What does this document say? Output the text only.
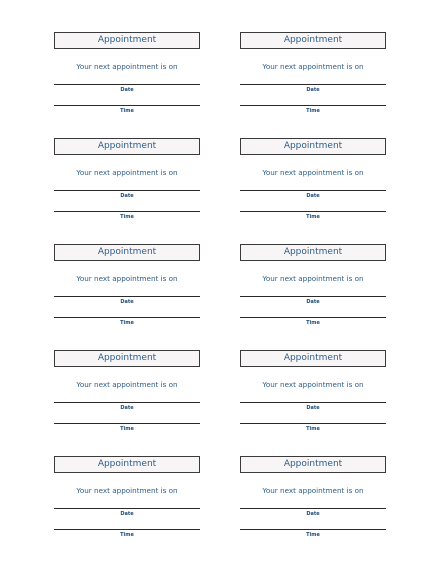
Appointment
Your next appointment is on
Date
Time
Appointment
Your next appointment is on
Date
Time
Appointment
Your next appointment is on
Date
Time
Appointment
Your next appointment is on
Date
Time
Appointment
Your next appointment is on
Date
Time
Appointment
Your next appointment is on
Date
Time
Appointment
Your next appointment is on
Date
Time
Appointment
Your next appointment is on
Date
Time
Appointment
Your next appointment is on
Date
Time
Appointment
Your next appointment is on
Date
Time
